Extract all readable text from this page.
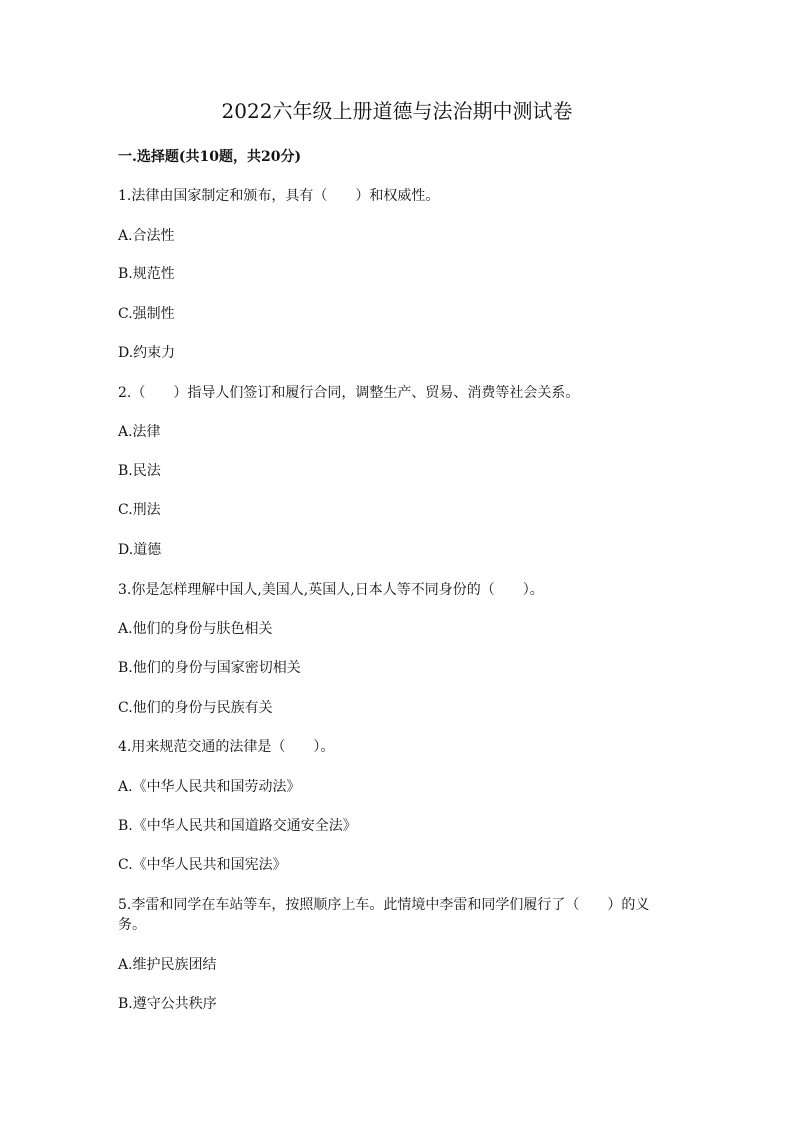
2022六年级上册道德与法治期中测试卷
一.选择题(共10题，共20分)
1.法律由国家制定和颁布，具有（　　）和权威性。
A.合法性
B.规范性
C.强制性
D.约束力
2.（　　）指导人们签订和履行合同，调整生产、贸易、消费等社会关系。
A.法律
B.民法
C.刑法
D.道德
3.你是怎样理解中国人,美国人,英国人,日本人等不同身份的（　　）。
A.他们的身份与肤色相关
B.他们的身份与国家密切相关
C.他们的身份与民族有关
4.用来规范交通的法律是（　　）。
A.《中华人民共和国劳动法》
B.《中华人民共和国道路交通安全法》
C.《中华人民共和国宪法》
5.李雷和同学在车站等车，按照顺序上车。此情境中李雷和同学们履行了（　　）的义务。
A.维护民族团结
B.遵守公共秩序
